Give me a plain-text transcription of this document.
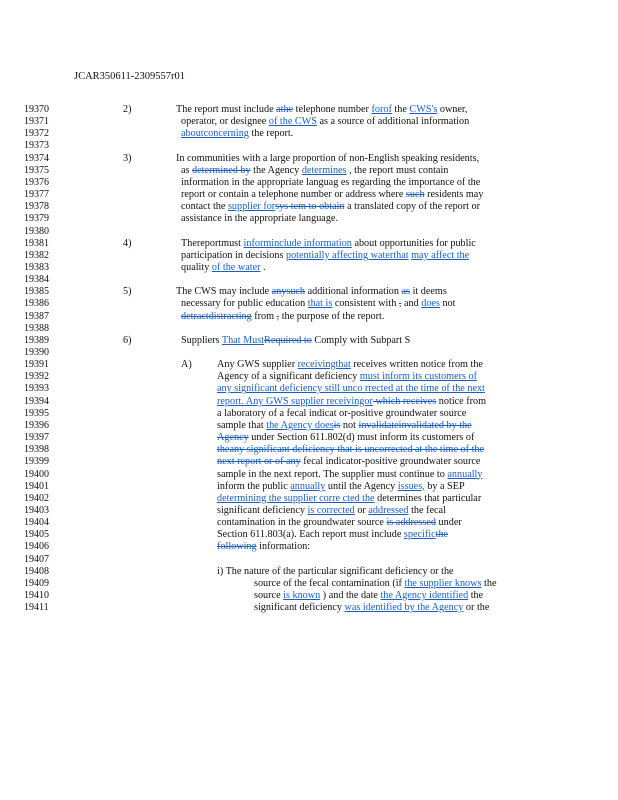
JCAR350611-2309557r01
19370	2)	The report must include athe telephone number forof the CWS's owner,
19371	operator, or designee of the CWS as a source of additional information
19372	aboutconcerning the report.
19373
19374	3)	In communities with a large proportion of non-English speaking residents,
19375	as determined by the Agency determines , the report must contain
19376	information in the appropriate languag es regarding the importance of the
19377	report or contain a telephone number or address where such residents may
19378	contact the supplier forsys tem to obtain a translated copy of the report or
19379	assistance in the appropriate language.
19380
19381	4)	Thereportmust informinclude information about opportunities for public
19382	participation in decisions potentially affecting waterthat may affect the
19383	quality of the water .
19384
19385	5)	The CWS may include anysuch additional information as it deems
19386	necessary for public education that is consistent with , and does not
19387	detractdistracting from , the purpose of the report.
19388
19389	6)	Suppliers That MustRequired to Comply with Subpart S
19390
19391	A) Any GWS supplier receivingthat receives written notice from the
19392	Agency of a significant deficiency must inform its customers of
19393	any significant deficiency still unco rrected at the time of the next
19394	report. Any GWS supplier receivingor which receives notice from
19395	a laboratory of a fecal indicat or-positive groundwater source
19396	sample that the Agency doesis not invalidateinvalidated by the
19397	Agency under Section 611.802(d) must inform its customers of
19398	theany significant deficiency that is uncorrected at the time of the
19399	next report or of any fecal indicator-positive groundwater source
19400	sample in the next report. The supplier must continue to annually
19401	inform the public annually until the Agency issues, by a SEP
19402	determining the supplier corre cted the determines that particular
19403	significant deficiency is corrected or addressed the fecal
19404	contamination in the groundwater source is addressed under
19405	Section 611.803(a). Each report must include specificthe
19406	following information:
19407
19408	i) The nature of the particular significant deficiency or the
19409	source of the fecal contamination (if the supplier knows the
19410	source is known ) and the date the Agency identified the
19411	significant deficiency was identified by the Agency or the
